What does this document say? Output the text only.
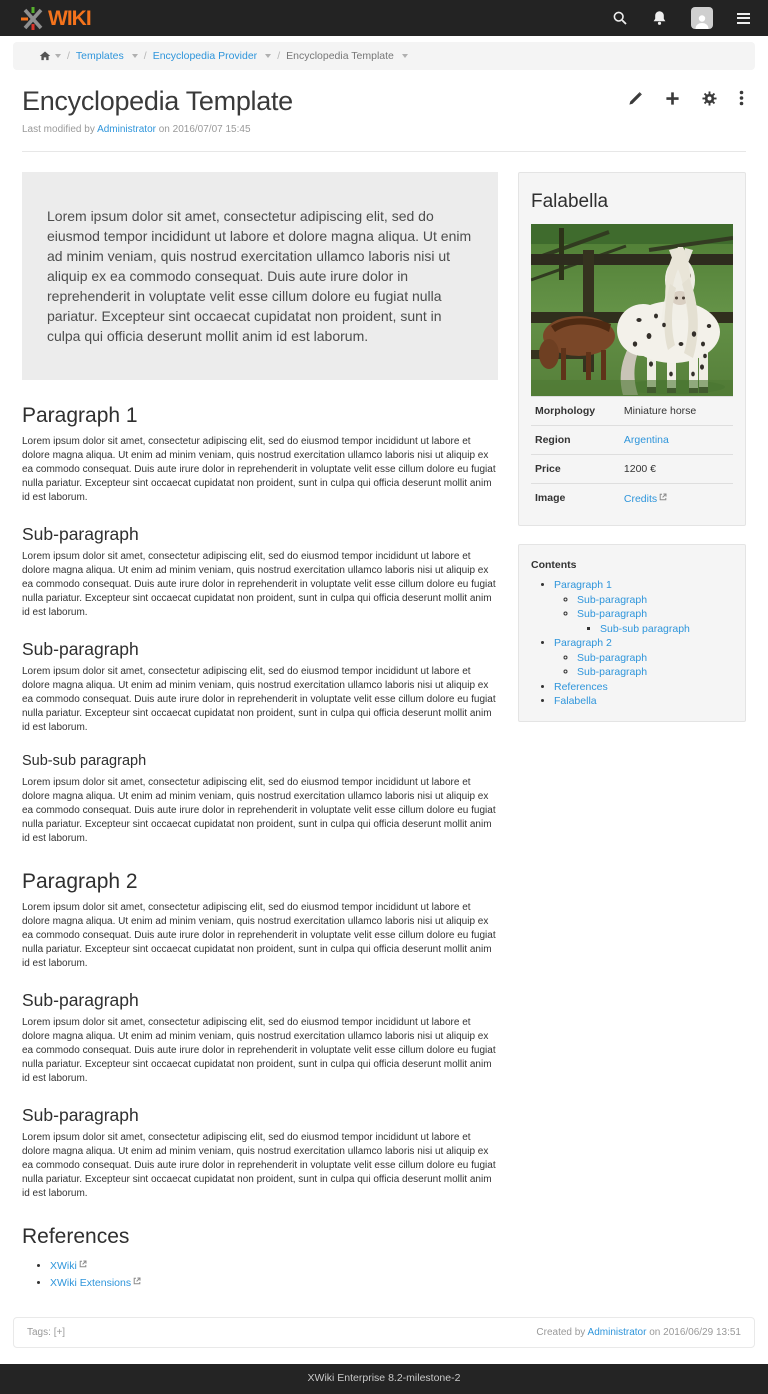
WIKI
/ Templates / Encyclopedia Provider / Encyclopedia Template
Encyclopedia Template
Last modified by Administrator on 2016/07/07 15:45
Lorem ipsum dolor sit amet, consectetur adipiscing elit, sed do eiusmod tempor incididunt ut labore et dolore magna aliqua. Ut enim ad minim veniam, quis nostrud exercitation ullamco laboris nisi ut aliquip ex ea commodo consequat. Duis aute irure dolor in reprehenderit in voluptate velit esse cillum dolore eu fugiat nulla pariatur. Excepteur sint occaecat cupidatat non proident, sunt in culpa qui officia deserunt mollit anim id est laborum.
Paragraph 1

Lorem ipsum dolor sit amet, consectetur adipiscing elit, sed do eiusmod tempor incididunt ut labore et dolore magna aliqua. Ut enim ad minim veniam, quis nostrud exercitation ullamco laboris nisi ut aliquip ex ea commodo consequat. Duis aute irure dolor in reprehenderit in voluptate velit esse cillum dolore eu fugiat nulla pariatur. Excepteur sint occaecat cupidatat non proident, sunt in culpa qui officia deserunt mollit anim id est laborum.

Sub-paragraph

Lorem ipsum dolor sit amet, consectetur adipiscing elit, sed do eiusmod tempor incididunt ut labore et dolore magna aliqua. Ut enim ad minim veniam, quis nostrud exercitation ullamco laboris nisi ut aliquip ex ea commodo consequat. Duis aute irure dolor in reprehenderit in voluptate velit esse cillum dolore eu fugiat nulla pariatur. Excepteur sint occaecat cupidatat non proident, sunt in culpa qui officia deserunt mollit anim id est laborum.

Sub-paragraph

Lorem ipsum dolor sit amet, consectetur adipiscing elit, sed do eiusmod tempor incididunt ut labore et dolore magna aliqua. Ut enim ad minim veniam, quis nostrud exercitation ullamco laboris nisi ut aliquip ex ea commodo consequat. Duis aute irure dolor in reprehenderit in voluptate velit esse cillum dolore eu fugiat nulla pariatur. Excepteur sint occaecat cupidatat non proident, sunt in culpa qui officia deserunt mollit anim id est laborum.

Sub-sub paragraph

Lorem ipsum dolor sit amet, consectetur adipiscing elit, sed do eiusmod tempor incididunt ut labore et dolore magna aliqua. Ut enim ad minim veniam, quis nostrud exercitation ullamco laboris nisi ut aliquip ex ea commodo consequat. Duis aute irure dolor in reprehenderit in voluptate velit esse cillum dolore eu fugiat nulla pariatur. Excepteur sint occaecat cupidatat non proident, sunt in culpa qui officia deserunt mollit anim id est laborum.

Paragraph 2

Lorem ipsum dolor sit amet, consectetur adipiscing elit, sed do eiusmod tempor incididunt ut labore et dolore magna aliqua. Ut enim ad minim veniam, quis nostrud exercitation ullamco laboris nisi ut aliquip ex ea commodo consequat. Duis aute irure dolor in reprehenderit in voluptate velit esse cillum dolore eu fugiat nulla pariatur. Excepteur sint occaecat cupidatat non proident, sunt in culpa qui officia deserunt mollit anim id est laborum.

Sub-paragraph

Lorem ipsum dolor sit amet, consectetur adipiscing elit, sed do eiusmod tempor incididunt ut labore et dolore magna aliqua. Ut enim ad minim veniam, quis nostrud exercitation ullamco laboris nisi ut aliquip ex ea commodo consequat. Duis aute irure dolor in reprehenderit in voluptate velit esse cillum dolore eu fugiat nulla pariatur. Excepteur sint occaecat cupidatat non proident, sunt in culpa qui officia deserunt mollit anim id est laborum.

Sub-paragraph

Lorem ipsum dolor sit amet, consectetur adipiscing elit, sed do eiusmod tempor incididunt ut labore et dolore magna aliqua. Ut enim ad minim veniam, quis nostrud exercitation ullamco laboris nisi ut aliquip ex ea commodo consequat. Duis aute irure dolor in reprehenderit in voluptate velit esse cillum dolore eu fugiat nulla pariatur. Excepteur sint occaecat cupidatat non proident, sunt in culpa qui officia deserunt mollit anim id est laborum.

References
• XWiki
• XWiki Extensions
Falabella
Morphology	Miniature horse
Region	Argentina
Price	1200 €
Image	Credits
Contents
• Paragraph 1
◦ Sub-paragraph
◦ Sub-paragraph
▪ Sub-sub paragraph
• Paragraph 2
◦ Sub-paragraph
◦ Sub-paragraph
• References
• Falabella
Tags: [+]	Created by Administrator on 2016/06/29 13:51
XWiki Enterprise 8.2-milestone-2
